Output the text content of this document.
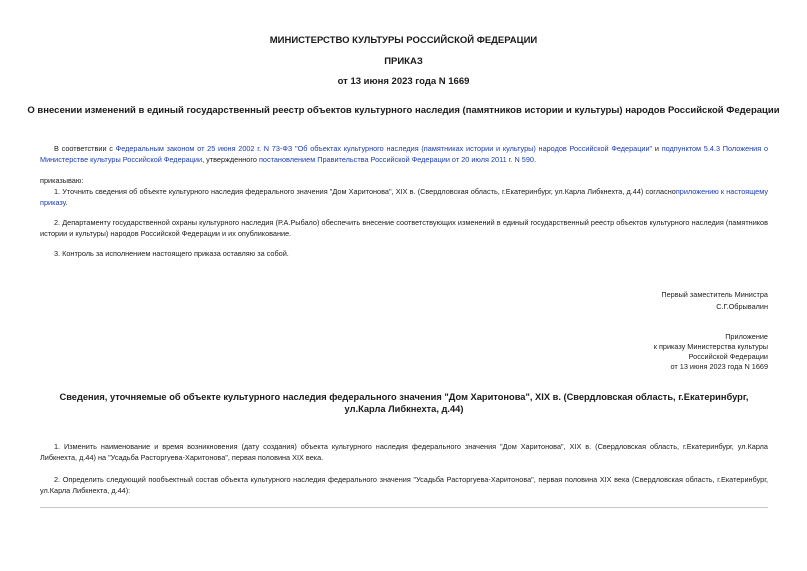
МИНИСТЕРСТВО КУЛЬТУРЫ РОССИЙСКОЙ ФЕДЕРАЦИИ
ПРИКАЗ
от 13 июня 2023 года N 1669
О внесении изменений в единый государственный реестр объектов культурного наследия (памятников истории и культуры) народов Российской Федерации
В соответствии с Федеральным законом от 25 июня 2002 г. N 73-ФЗ "Об объектах культурного наследия (памятниках истории и культуры) народов Российской Федерации" и подпунктом 5.4.3 Положения о Министерстве культуры Российской Федерации, утвержденного постановлением Правительства Российской Федерации от 20 июля 2011 г. N 590.
приказываю:
1. Уточнить сведения об объекте культурного наследия федерального значения "Дом Харитонова", XIX в. (Свердловская область, г.Екатеринбург, ул.Карла Либкнехта, д.44) согласноприложению к настоящему приказу.
2. Департаменту государственной охраны культурного наследия (Р.А.Рыбало) обеспечить внесение соответствующих изменений в единый государственный реестр объектов культурного наследия (памятников истории и культуры) народов Российской Федерации и их опубликование.
3. Контроль за исполнением настоящего приказа оставляю за собой.
Первый заместитель Министра
С.Г.Обрывалин
Приложение
к приказу Министерства культуры
Российской Федерации
от 13 июня 2023 года N 1669
Сведения, уточняемые об объекте культурного наследия федерального значения "Дом Харитонова", XIX в. (Свердловская область, г.Екатеринбург, ул.Карла Либкнехта, д.44)
1. Изменить наименование и время возникновения (дату создания) объекта культурного наследия федерального значения "Дом Харитонова", XIX в. (Свердловская область, г.Екатеринбург, ул.Карла Либкнехта, д.44) на "Усадьба Расторгуева-Харитонова", первая половина XIX века.
2. Определить следующий пообъектный состав объекта культурного наследия федерального значения "Усадьба Расторгуева-Харитонова", первая половина XIX века (Свердловская область, г.Екатеринбург, ул.Карла Либкнехта, д.44):
